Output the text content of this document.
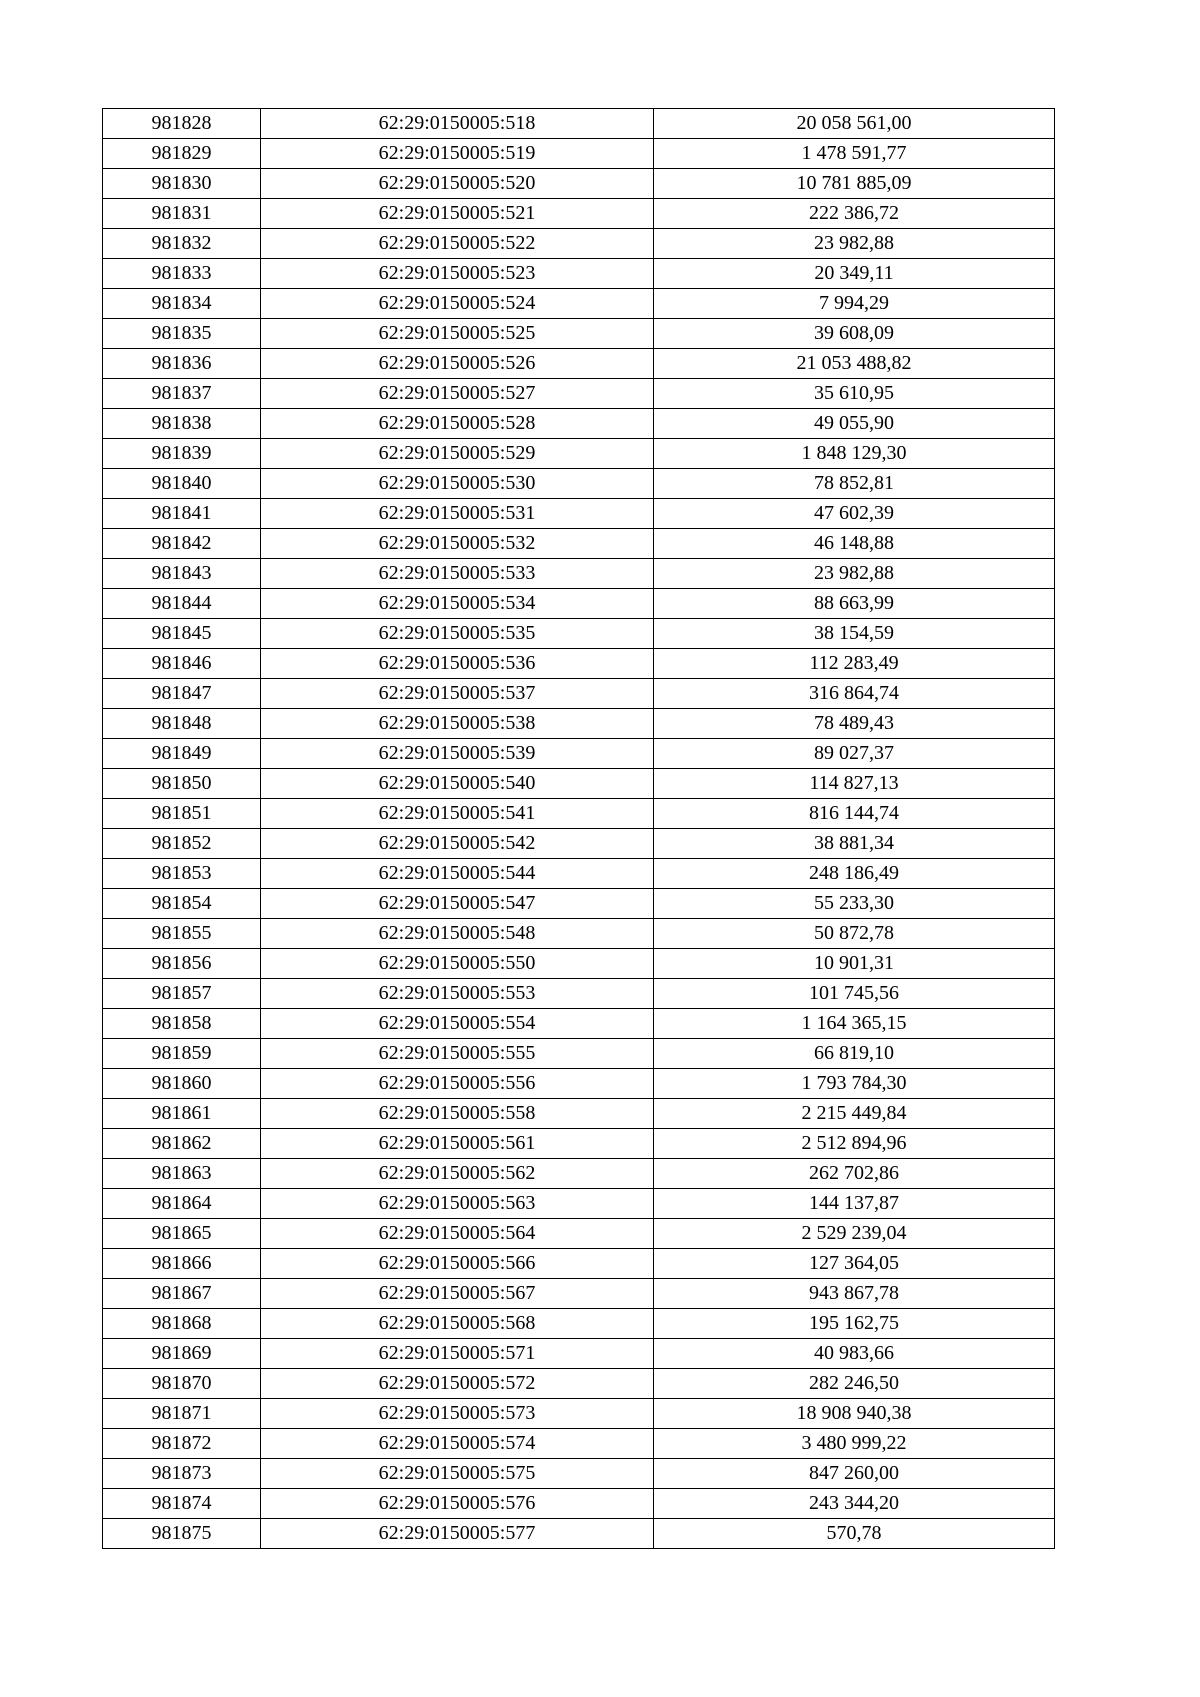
981828	62:29:0150005:518	20 058 561,00
981829	62:29:0150005:519	1 478 591,77
981830	62:29:0150005:520	10 781 885,09
981831	62:29:0150005:521	222 386,72
981832	62:29:0150005:522	23 982,88
981833	62:29:0150005:523	20 349,11
981834	62:29:0150005:524	7 994,29
981835	62:29:0150005:525	39 608,09
981836	62:29:0150005:526	21 053 488,82
981837	62:29:0150005:527	35 610,95
981838	62:29:0150005:528	49 055,90
981839	62:29:0150005:529	1 848 129,30
981840	62:29:0150005:530	78 852,81
981841	62:29:0150005:531	47 602,39
981842	62:29:0150005:532	46 148,88
981843	62:29:0150005:533	23 982,88
981844	62:29:0150005:534	88 663,99
981845	62:29:0150005:535	38 154,59
981846	62:29:0150005:536	112 283,49
981847	62:29:0150005:537	316 864,74
981848	62:29:0150005:538	78 489,43
981849	62:29:0150005:539	89 027,37
981850	62:29:0150005:540	114 827,13
981851	62:29:0150005:541	816 144,74
981852	62:29:0150005:542	38 881,34
981853	62:29:0150005:544	248 186,49
981854	62:29:0150005:547	55 233,30
981855	62:29:0150005:548	50 872,78
981856	62:29:0150005:550	10 901,31
981857	62:29:0150005:553	101 745,56
981858	62:29:0150005:554	1 164 365,15
981859	62:29:0150005:555	66 819,10
981860	62:29:0150005:556	1 793 784,30
981861	62:29:0150005:558	2 215 449,84
981862	62:29:0150005:561	2 512 894,96
981863	62:29:0150005:562	262 702,86
981864	62:29:0150005:563	144 137,87
981865	62:29:0150005:564	2 529 239,04
981866	62:29:0150005:566	127 364,05
981867	62:29:0150005:567	943 867,78
981868	62:29:0150005:568	195 162,75
981869	62:29:0150005:571	40 983,66
981870	62:29:0150005:572	282 246,50
981871	62:29:0150005:573	18 908 940,38
981872	62:29:0150005:574	3 480 999,22
981873	62:29:0150005:575	847 260,00
981874	62:29:0150005:576	243 344,20
981875	62:29:0150005:577	570,78
